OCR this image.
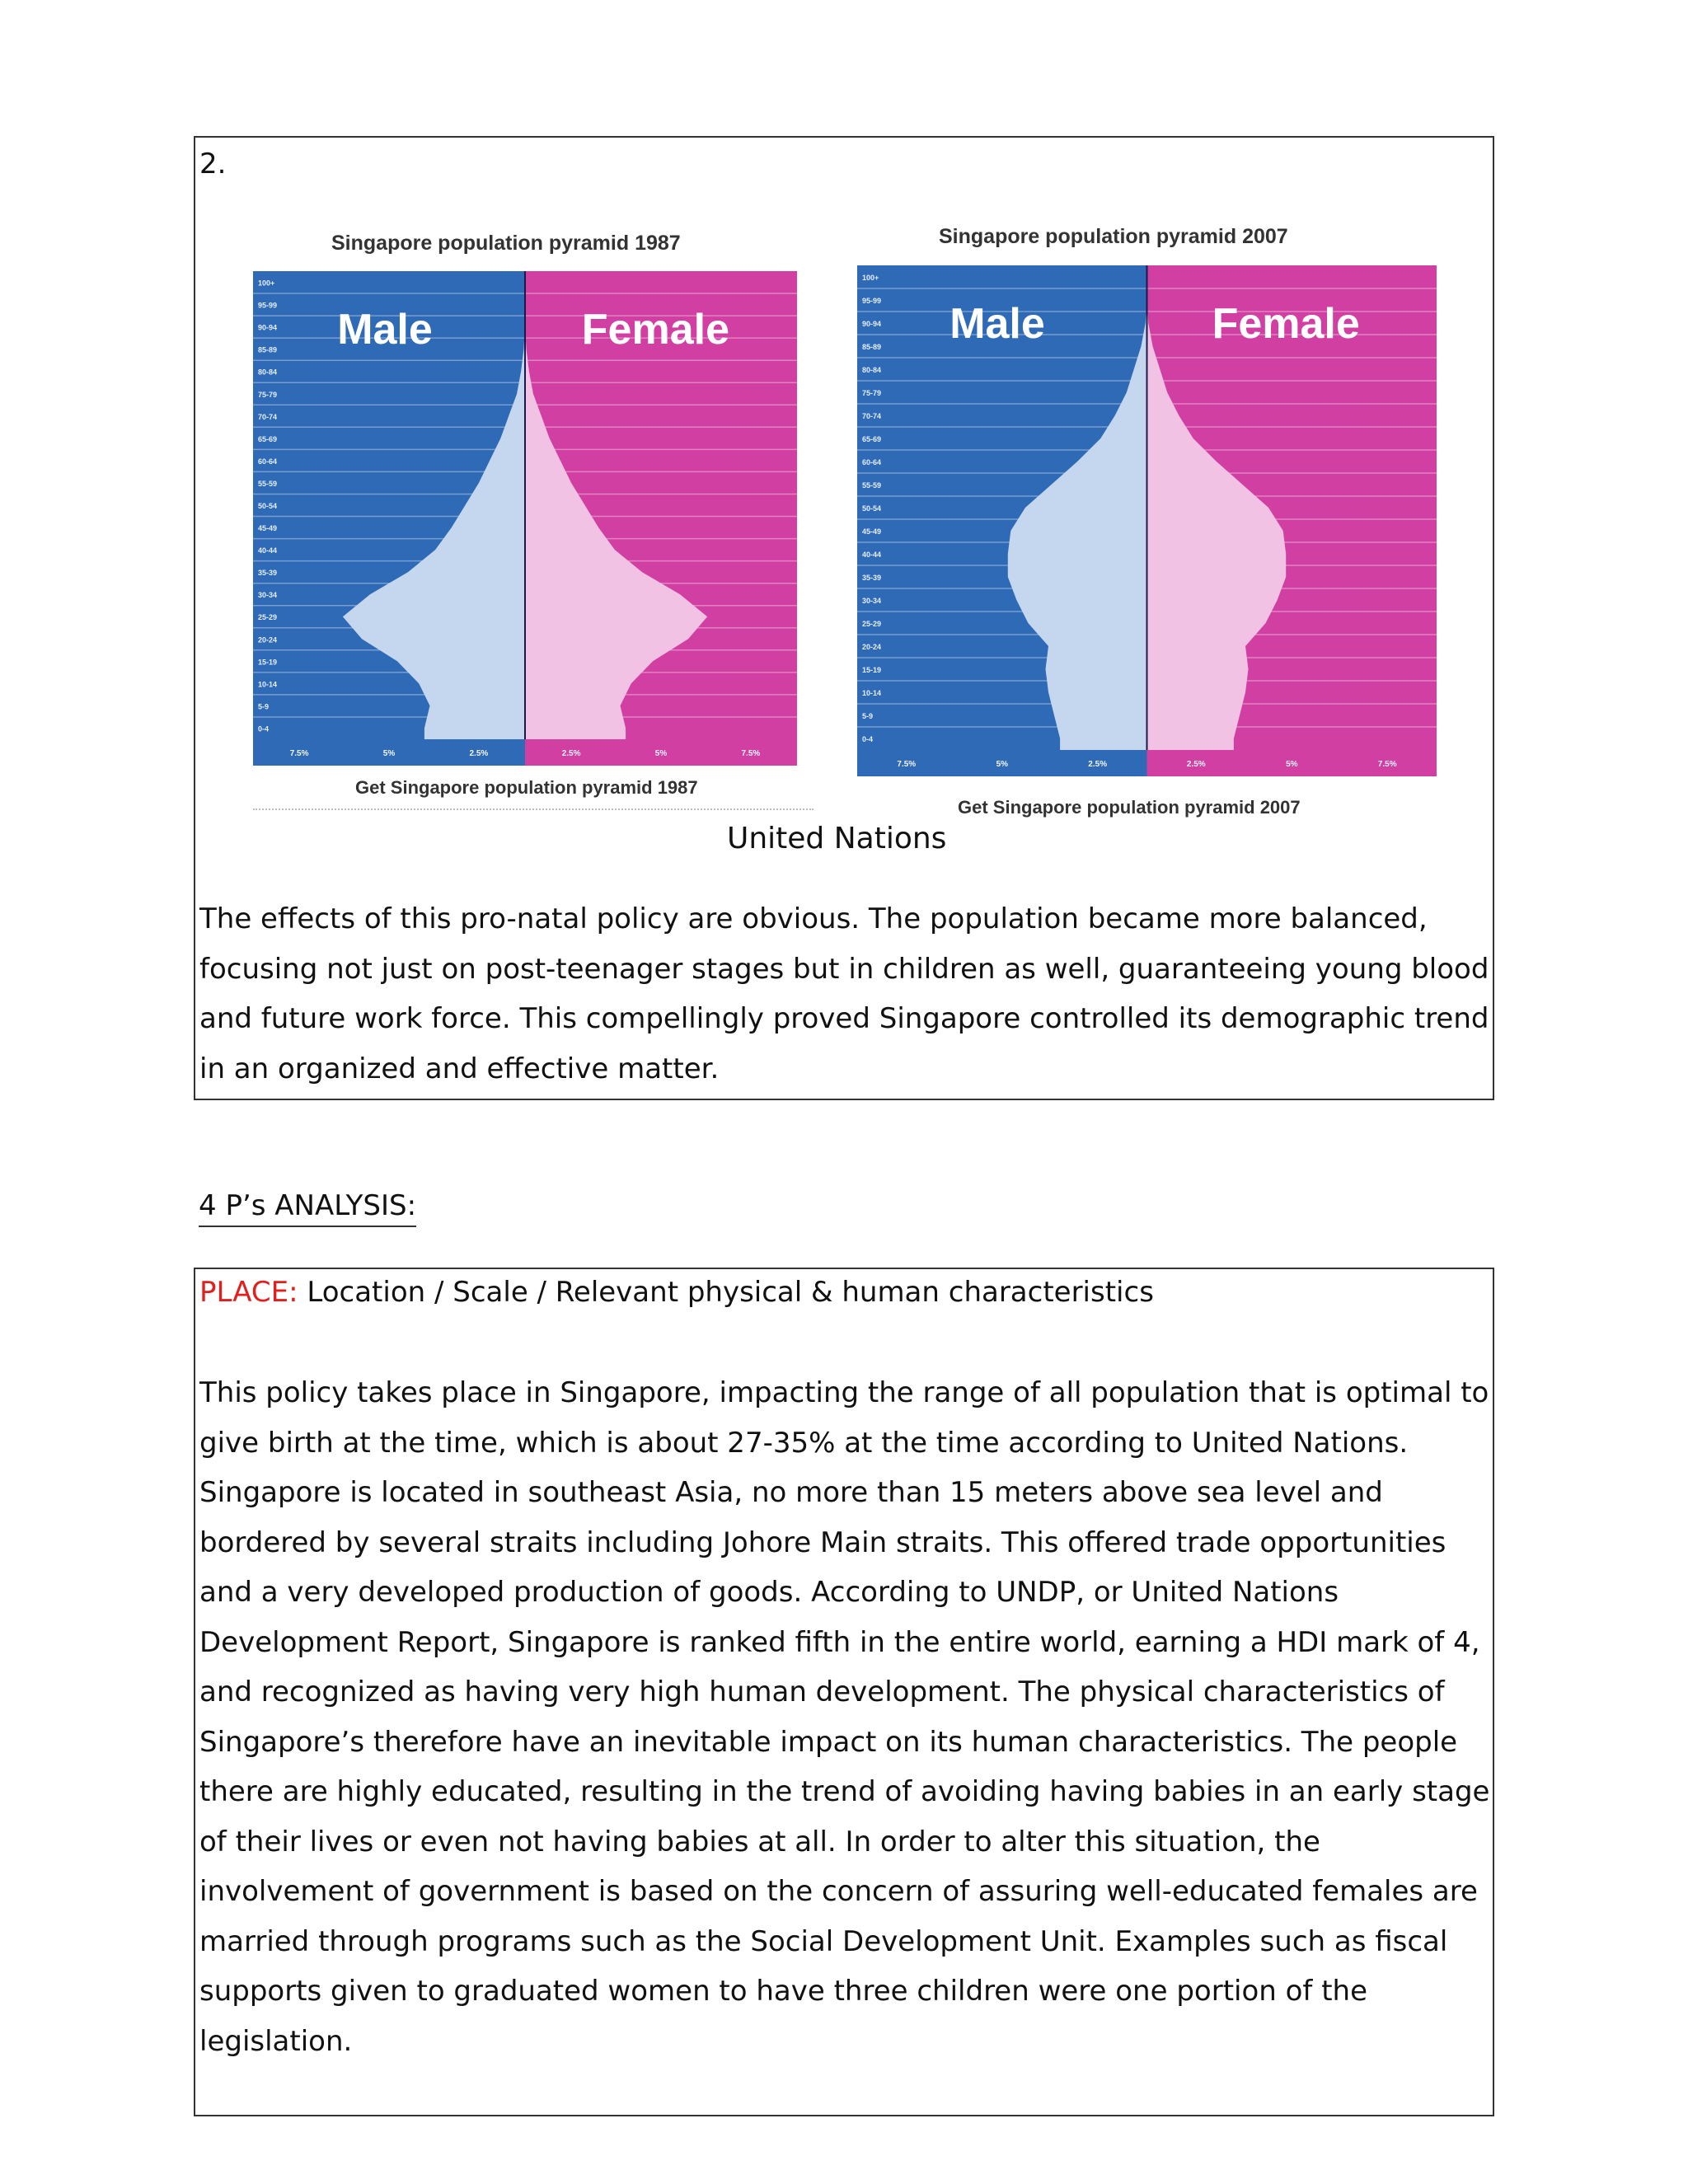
2.
Singapore population pyramid 1987
0-4
5-9
10-14
15-19
20-24
25-29
30-34
35-39
40-44
45-49
50-54
55-59
60-64
65-69
70-74
75-79
80-84
85-89
90-94
95-99
100+
7.5%	5%	2.5%	2.5%	5%	7.5%
Male	Female
Get Singapore population pyramid 1987
Singapore population pyramid 2007
0-4
5-9
10-14
15-19
20-24
25-29
30-34
35-39
40-44
45-49
50-54
55-59
60-64
65-69
70-74
75-79
80-84
85-89
90-94
95-99
100+
7.5%	5%	2.5%	2.5%	5%	7.5%
Male	Female
Get Singapore population pyramid 2007
United Nations

The effects of this pro-natal policy are obvious. The population became more balanced, focusing not just on post-teenager stages but in children as well, guaranteeing young blood and future work force. This compellingly proved Singapore controlled its demographic trend in an organized and effective matter.

4 P’s ANALYSIS:
PLACE: Location / Scale / Relevant physical & human characteristics

This policy takes place in Singapore, impacting the range of all population that is optimal to give birth at the time, which is about 27-35% at the time according to United Nations. Singapore is located in southeast Asia, no more than 15 meters above sea level and bordered by several straits including Johore Main straits. This offered trade opportunities and a very developed production of goods. According to UNDP, or United Nations Development Report, Singapore is ranked fifth in the entire world, earning a HDI mark of 4, and recognized as having very high human development. The physical characteristics of Singapore’s therefore have an inevitable impact on its human characteristics. The people there are highly educated, resulting in the trend of avoiding having babies in an early stage of their lives or even not having babies at all. In order to alter this situation, the involvement of government is based on the concern of assuring well-educated females are married through programs such as the Social Development Unit. Examples such as fiscal supports given to graduated women to have three children were one portion of the legislation.
